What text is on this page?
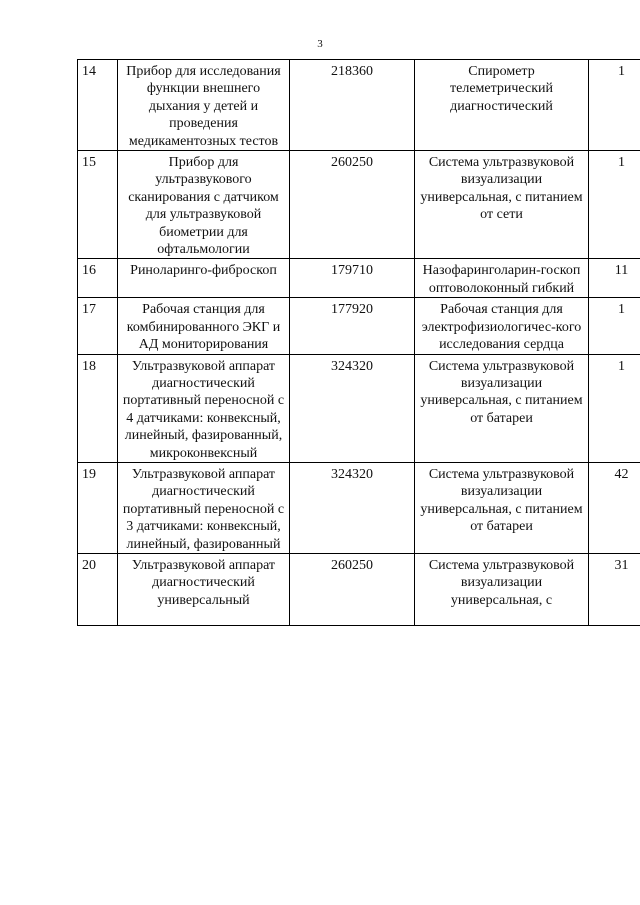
3
14	Прибор для исследования функции внешнего дыхания у детей и проведения медикаментозных тестов	218360	Спирометр телеметрический диагностический	1
15	Прибор для ультразвукового сканирования с датчиком для ультразвуковой биометрии для офтальмологии	260250	Система ультразвуковой визуализации универсальная, с питанием от сети	1
16	Риноларинго-фиброскоп	179710	Назофаринголарин-госкоп оптоволоконный гибкий	11
17	Рабочая станция для комбинированного ЭКГ и АД мониторирования	177920	Рабочая станция для электрофизиологичес-кого исследования сердца	1
18	Ультразвуковой аппарат диагностический портативный переносной с 4 датчиками: конвексный, линейный, фазированный, микроконвексный	324320	Система ультразвуковой визуализации универсальная, с питанием от батареи	1
19	Ультразвуковой аппарат диагностический портативный переносной с 3 датчиками: конвексный, линейный, фазированный	324320	Система ультразвуковой визуализации универсальная, с питанием от батареи	42
20	Ультразвуковой аппарат диагностический универсальный	260250	Система ультразвуковой визуализации универсальная, с	31
